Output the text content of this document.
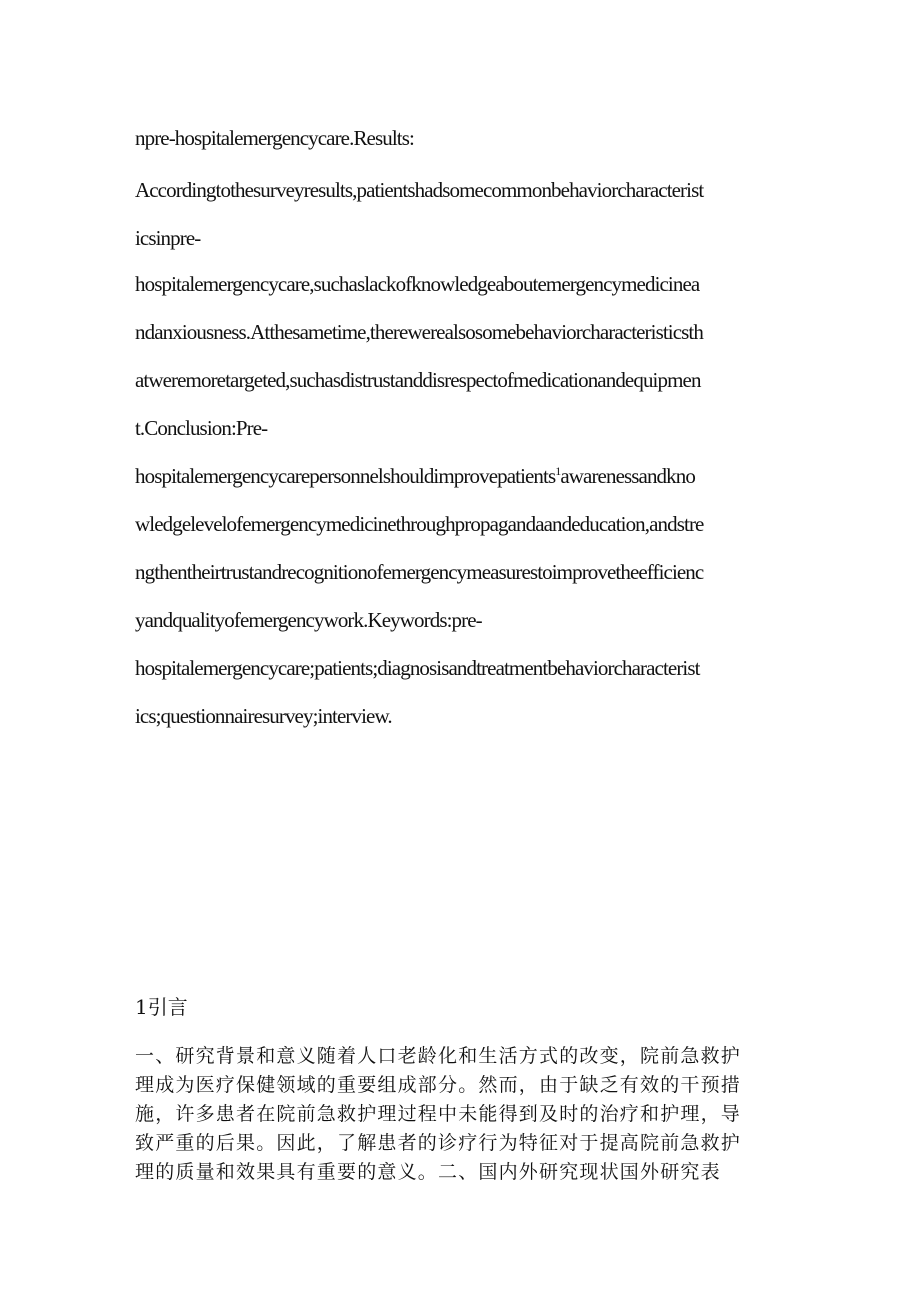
npre-hospitalemergencycare.Results:
Accordingtothesurveyresults,patientshadsomecommonbehaviorcharacterist
icsinpre-
hospitalemergencycare,suchaslackofknowledgeaboutemergencymedicinea
ndanxiousness.Atthesametime,therewerealsosomebehaviorcharacteristicsth
atweremoretargeted,suchasdistrustanddisrespectofmedicationandequipmen
t.Conclusion:Pre-
hospitalemergencycarepersonnelshouldimprovepatients$^1$awarenessandkno
wledgelevelofemergencymedicinethroughpropagandaandeducation,andstre
ngthentheirtrustandrecognitionofemergencymeasurestoimprovetheefficienc
yandqualityofemergencywork.Keywords:pre-
hospitalemergencycare;patients;diagnosisandtreatmentbehaviorcharacterist
ics;questionnairesurvey;interview.
1引言
一、研究背景和意义随着人口老龄化和生活方式的改变，院前急救护
理成为医疗保健领域的重要组成部分。然而，由于缺乏有效的干预措
施，许多患者在院前急救护理过程中未能得到及时的治疗和护理，导
致严重的后果。因此，了解患者的诊疗行为特征对于提高院前急救护
理的质量和效果具有重要的意义。二、国内外研究现状国外研究表
